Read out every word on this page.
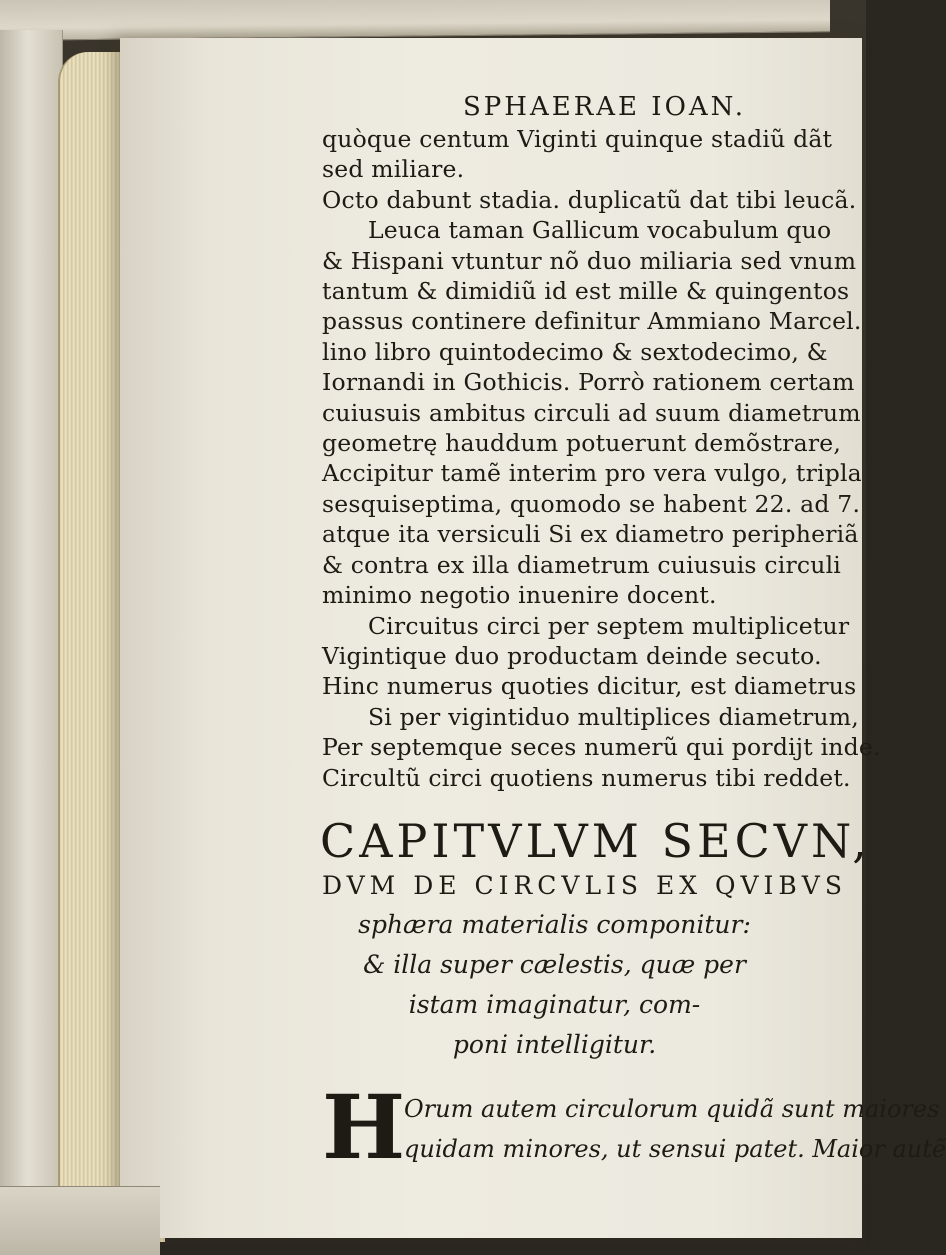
SPHAERAE IOAN.
quòque centum Viginti quinque stadiũ dãt
sed miliare.
Octo dabunt stadia. duplicatũ dat tibi leucã.
Leuca taman Gallicum vocabulum quo
& Hispani vtuntur nõ duo miliaria sed vnum
tantum & dimidiũ id est mille & quingentos
passus continere definitur Ammiano Marcel.
lino libro quintodecimo & sextodecimo, &
Iornandi in Gothicis. Porrò rationem certam
cuiusuis ambitus circuli ad suum diametrum
geometrę hauddum potuerunt demõstrare,
Accipitur tamẽ interim pro vera vulgo, tripla
sesquiseptima, quomodo se habent 22. ad 7.
atque ita versiculi Si ex diametro peripheriã
& contra ex illa diametrum cuiusuis circuli
minimo negotio inuenire docent.
Circuitus circi per septem multiplicetur
Vigintique duo productam deinde secuto.
Hinc numerus quoties dicitur, est diametrus
Si per vigintiduo multiplices diametrum,
Per septemque seces numerũ qui pordijt inde.
Circultũ circi quotiens numerus tibi reddet.
CAPITVLVM SECVN,
DVM DE CIRCVLIS EX QVIBVS
sphæra materialis componitur:
& illa super cælestis, quæ per
istam imaginatur, com-
poni intelligitur.
H
Orum autem circulorum quidã sunt maiores
quidam minores, ut sensui patet. Maior autẽ
